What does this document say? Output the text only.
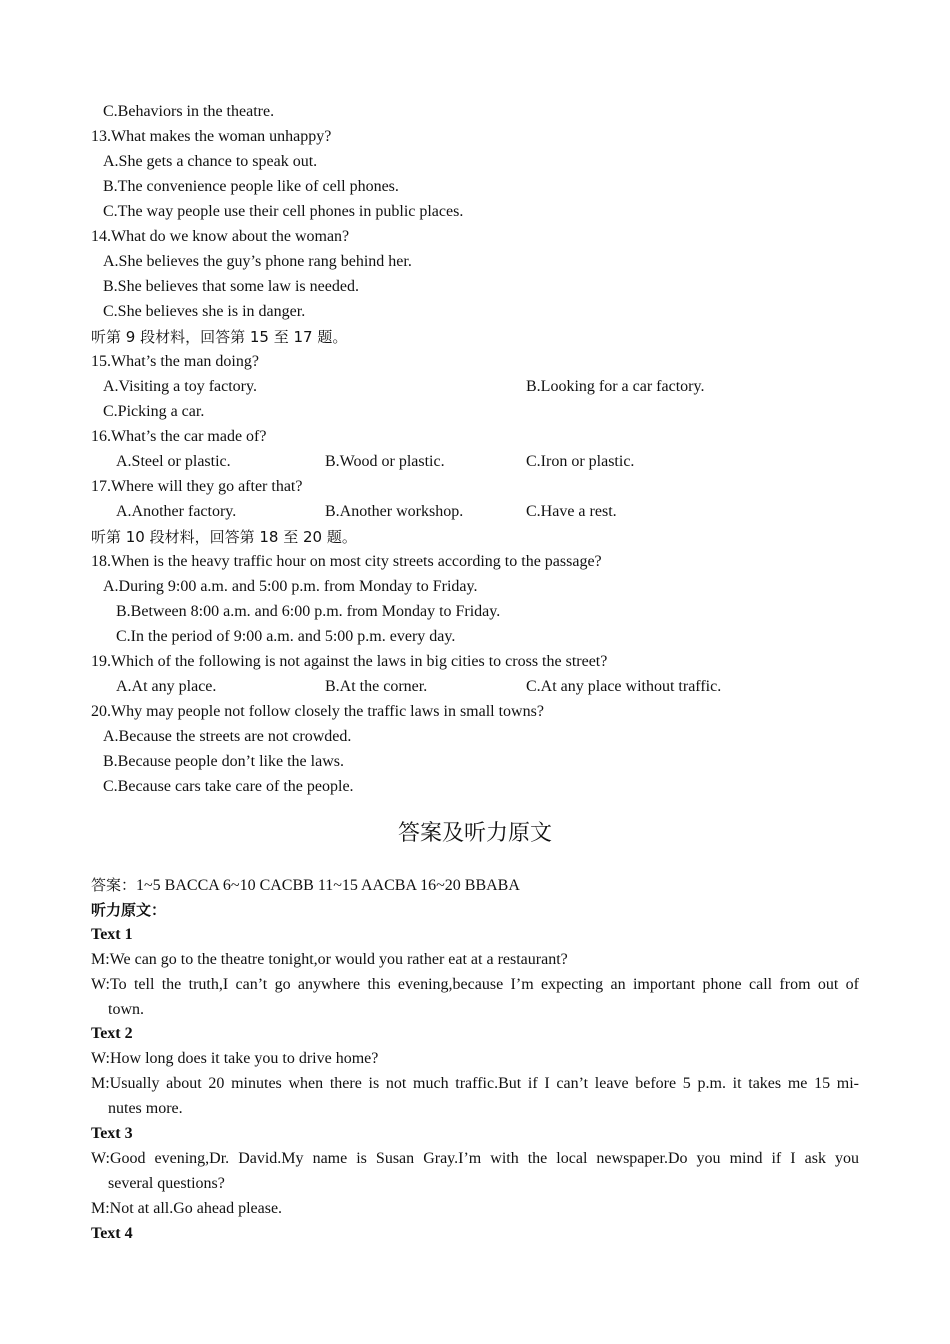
C.Behaviors in the theatre.
13.What makes the woman unhappy?
A.She gets a chance to speak out.
B.The convenience people like of cell phones.
C.The way people use their cell phones in public places.
14.What do we know about the woman?
A.She believes the guy’s phone rang behind her.
B.She believes that some law is needed.
C.She believes she is in danger.
听第 9 段材料，回答第 15 至 17 题。
15.What’s the man doing?
A.Visiting a toy factory.	B.Looking for a car factory.
C.Picking a car.
16.What’s the car made of?
A.Steel or plastic.	B.Wood or plastic.	C.Iron or plastic.
17.Where will they go after that?
A.Another factory.	B.Another workshop.	C.Have a rest.
听第 10 段材料，回答第 18 至 20 题。
18.When is the heavy traffic hour on most city streets according to the passage?
A.During 9:00 a.m. and 5:00 p.m. from Monday to Friday.
B.Between 8:00 a.m. and 6:00 p.m. from Monday to Friday.
C.In the period of 9:00 a.m. and 5:00 p.m. every day.
19.Which of the following is not against the laws in big cities to cross the street?
A.At any place.	B.At the corner.	C.At any place without traffic.
20.Why may people not follow closely the traffic laws in small towns?
A.Because the streets are not crowded.
B.Because people don’t like the laws.
C.Because cars take care of the people.
答案及听力原文
答案：1~5 BACCA 6~10 CACBB 11~15 AACBA 16~20 BBABA
听力原文：
Text 1
M:We can go to the theatre tonight,or would you rather eat at a restaurant?
W:To tell the truth,I can’t go anywhere this evening,because I’m expecting an important phone call from out of
town.
Text 2
W:How long does it take you to drive home?
M:Usually about 20 minutes when there is not much traffic.But if I can’t leave before 5 p.m. it takes me 15 mi-
nutes more.
Text 3
W:Good evening,Dr. David.My name is Susan Gray.I’m with the local newspaper.Do you mind if I ask you
several questions?
M:Not at all.Go ahead please.
Text 4
